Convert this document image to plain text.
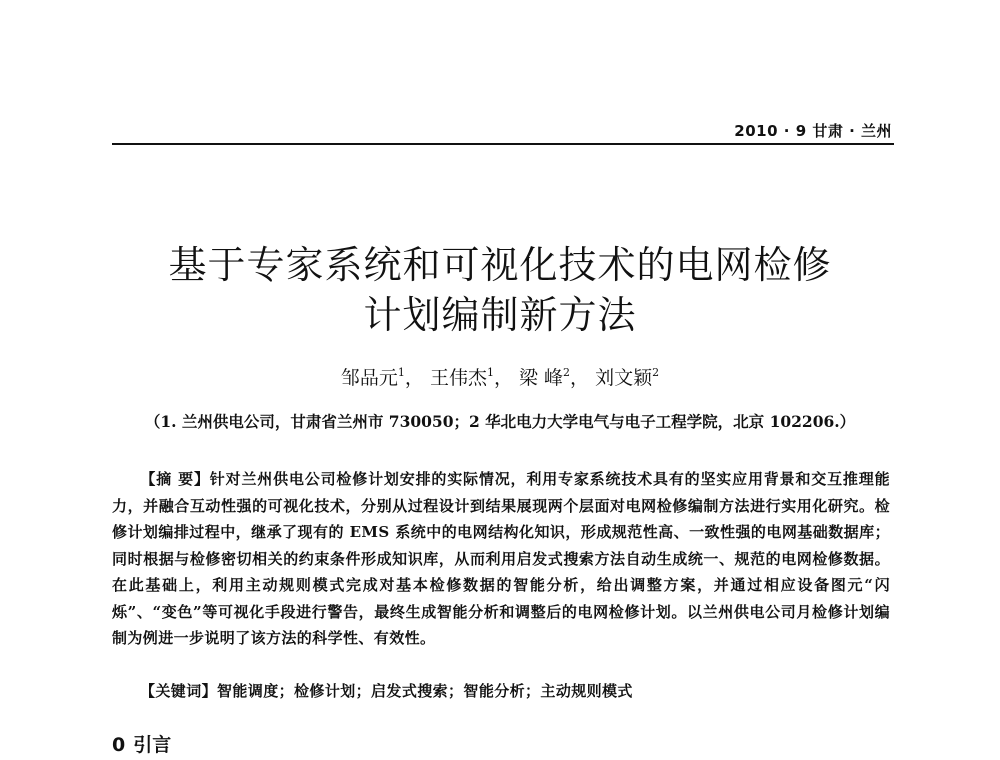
2010 · 9 甘肃 · 兰州
基于专家系统和可视化技术的电网检修
计划编制新方法
邹品元$^1$， 王伟杰$^1$， 梁 峰$^2$， 刘文颖$^2$
（1. 兰州供电公司，甘肃省兰州市 730050；2 华北电力大学电气与电子工程学院，北京 102206.）
【摘 要】针对兰州供电公司检修计划安排的实际情况，利用专家系统技术具有的坚实应用背景和交互推理能力，并融合互动性强的可视化技术，分别从过程设计到结果展现两个层面对电网检修编制方法进行实用化研究。检修计划编排过程中，继承了现有的 EMS 系统中的电网结构化知识，形成规范性高、一致性强的电网基础数据库；同时根据与检修密切相关的约束条件形成知识库，从而利用启发式搜索方法自动生成统一、规范的电网检修数据。在此基础上，利用主动规则模式完成对基本检修数据的智能分析，给出调整方案，并通过相应设备图元“闪烁”、“变色”等可视化手段进行警告，最终生成智能分析和调整后的电网检修计划。以兰州供电公司月检修计划编制为例进一步说明了该方法的科学性、有效性。
【关键词】智能调度；检修计划；启发式搜索；智能分析；主动规则模式
0 引言
